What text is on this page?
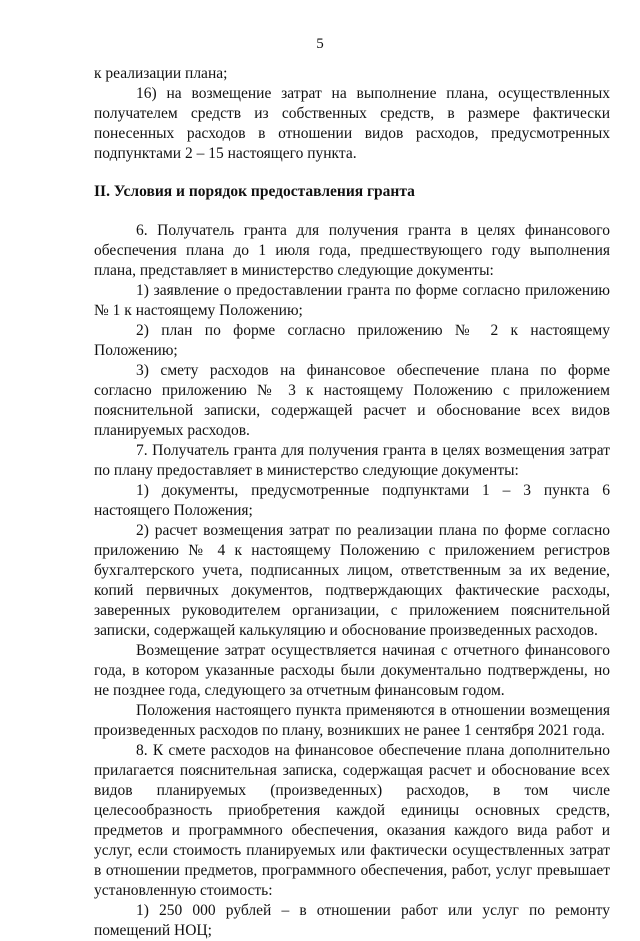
5

к реализации плана;

16) на возмещение затрат на выполнение плана, осуществленных получателем средств из собственных средств, в размере фактически понесенных расходов в отношении видов расходов, предусмотренных подпунктами 2 – 15 настоящего пункта.

II. Условия и порядок предоставления гранта

6. Получатель гранта для получения гранта в целях финансового обеспечения плана до 1 июля года, предшествующего году выполнения плана, представляет в министерство следующие документы:

1) заявление о предоставлении гранта по форме согласно приложению № 1 к настоящему Положению;

2) план по форме согласно приложению № 2 к настоящему Положению;

3) смету расходов на финансовое обеспечение плана по форме согласно приложению № 3 к настоящему Положению с приложением пояснительной записки, содержащей расчет и обоснование всех видов планируемых расходов.

7. Получатель гранта для получения гранта в целях возмещения затрат по плану предоставляет в министерство следующие документы:

1) документы, предусмотренные подпунктами 1 – 3 пункта 6 настоящего Положения;

2) расчет возмещения затрат по реализации плана по форме согласно приложению № 4 к настоящему Положению с приложением регистров бухгалтерского учета, подписанных лицом, ответственным за их ведение, копий первичных документов, подтверждающих фактические расходы, заверенных руководителем организации, с приложением пояснительной записки, содержащей калькуляцию и обоснование произведенных расходов.

Возмещение затрат осуществляется начиная с отчетного финансового года, в котором указанные расходы были документально подтверждены, но не позднее года, следующего за отчетным финансовым годом.

Положения настоящего пункта применяются в отношении возмещения произведенных расходов по плану, возникших не ранее 1 сентября 2021 года.

8. К смете расходов на финансовое обеспечение плана дополнительно прилагается пояснительная записка, содержащая расчет и обоснование всех видов планируемых (произведенных) расходов, в том числе целесообразность приобретения каждой единицы основных средств, предметов и программного обеспечения, оказания каждого вида работ и услуг, если стоимость планируемых или фактически осуществленных затрат в отношении предметов, программного обеспечения, работ, услуг превышает установленную стоимость:

1) 250 000 рублей – в отношении работ или услуг по ремонту помещений НОЦ;
